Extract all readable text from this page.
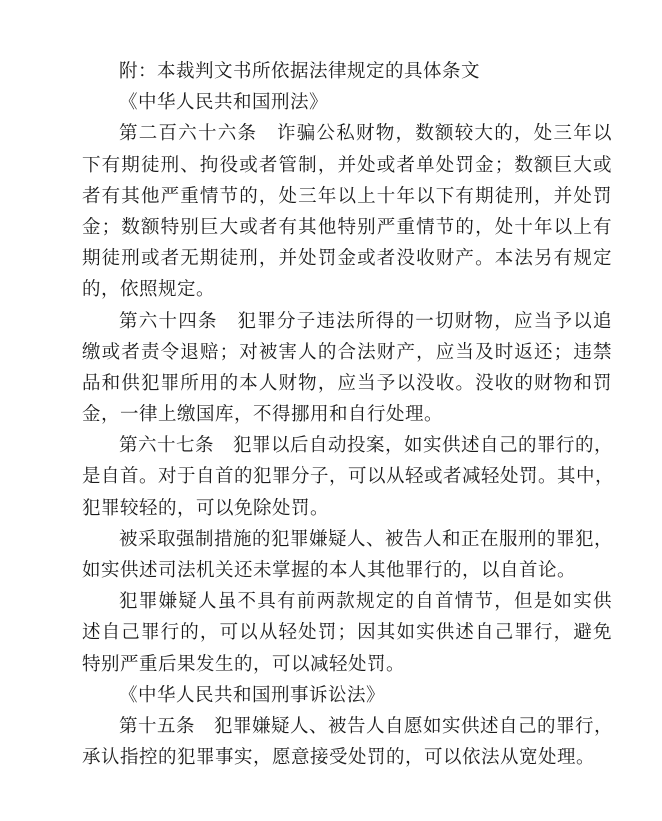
附：本裁判文书所依据法律规定的具体条文
《中华人民共和国刑法》
第二百六十六条　诈骗公私财物，数额较大的，处三年以
下有期徒刑、拘役或者管制，并处或者单处罚金；数额巨大或
者有其他严重情节的，处三年以上十年以下有期徒刑，并处罚
金；数额特别巨大或者有其他特别严重情节的，处十年以上有
期徒刑或者无期徒刑，并处罚金或者没收财产。本法另有规定
的，依照规定。
第六十四条　犯罪分子违法所得的一切财物，应当予以追
缴或者责令退赔；对被害人的合法财产，应当及时返还；违禁
品和供犯罪所用的本人财物，应当予以没收。没收的财物和罚
金，一律上缴国库，不得挪用和自行处理。
第六十七条　犯罪以后自动投案，如实供述自己的罪行的，
是自首。对于自首的犯罪分子，可以从轻或者减轻处罚。其中，
犯罪较轻的，可以免除处罚。
被采取强制措施的犯罪嫌疑人、被告人和正在服刑的罪犯，
如实供述司法机关还未掌握的本人其他罪行的，以自首论。
犯罪嫌疑人虽不具有前两款规定的自首情节，但是如实供
述自己罪行的，可以从轻处罚；因其如实供述自己罪行，避免
特别严重后果发生的，可以减轻处罚。
《中华人民共和国刑事诉讼法》
第十五条　犯罪嫌疑人、被告人自愿如实供述自己的罪行，
承认指控的犯罪事实，愿意接受处罚的，可以依法从宽处理。
